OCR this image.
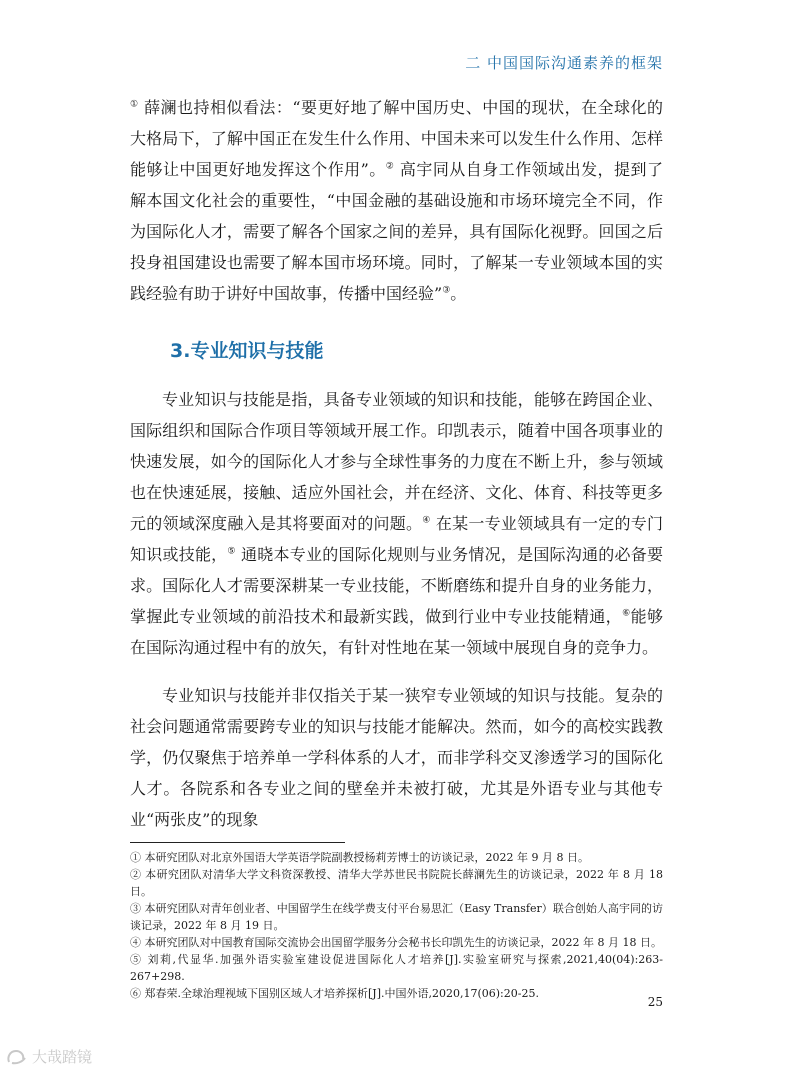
二 中国国际沟通素养的框架
① 薛澜也持相似看法：“要更好地了解中国历史、中国的现状，在全球化的大格局下，了解中国正在发生什么作用、中国未来可以发生什么作用、怎样能够让中国更好地发挥这个作用”。② 高宇同从自身工作领域出发，提到了解本国文化社会的重要性，“中国金融的基础设施和市场环境完全不同，作为国际化人才，需要了解各个国家之间的差异，具有国际化视野。回国之后投身祖国建设也需要了解本国市场环境。同时，了解某一专业领域本国的实践经验有助于讲好中国故事，传播中国经验”③。
3.专业知识与技能
专业知识与技能是指，具备专业领域的知识和技能，能够在跨国企业、国际组织和国际合作项目等领域开展工作。印凯表示，随着中国各项事业的快速发展，如今的国际化人才参与全球性事务的力度在不断上升，参与领域也在快速延展，接触、适应外国社会，并在经济、文化、体育、科技等更多元的领域深度融入是其将要面对的问题。④ 在某一专业领域具有一定的专门知识或技能，⑤ 通晓本专业的国际化规则与业务情况，是国际沟通的必备要求。国际化人才需要深耕某一专业技能，不断磨练和提升自身的业务能力，掌握此专业领域的前沿技术和最新实践，做到行业中专业技能精通，⑥能够在国际沟通过程中有的放矢，有针对性地在某一领域中展现自身的竞争力。
专业知识与技能并非仅指关于某一狭窄专业领域的知识与技能。复杂的社会问题通常需要跨专业的知识与技能才能解决。然而，如今的高校实践教学，仍仅聚焦于培养单一学科体系的人才，而非学科交叉渗透学习的国际化人才。各院系和各专业之间的壁垒并未被打破，尤其是外语专业与其他专业“两张皮”的现象

① 本研究团队对北京外国语大学英语学院副教授杨莉芳博士的访谈记录，2022 年 9 月 8 日。

② 本研究团队对清华大学文科资深教授、清华大学苏世民书院院长薛澜先生的访谈记录，2022 年 8 月 18 日。

③ 本研究团队对青年创业者、中国留学生在线学费支付平台易思汇（Easy Transfer）联合创始人高宇同的访谈记录，2022 年 8 月 19 日。

④ 本研究团队对中国教育国际交流协会出国留学服务分会秘书长印凯先生的访谈记录，2022 年 8 月 18 日。

⑤ 刘莉,代显华.加强外语实验室建设促进国际化人才培养[J].实验室研究与探索,2021,40(04):263-267+298.

⑥ 郑春荣.全球治理视域下国别区域人才培养探析[J].中国外语,2020,17(06):20-25.

25
大哉踏镜
